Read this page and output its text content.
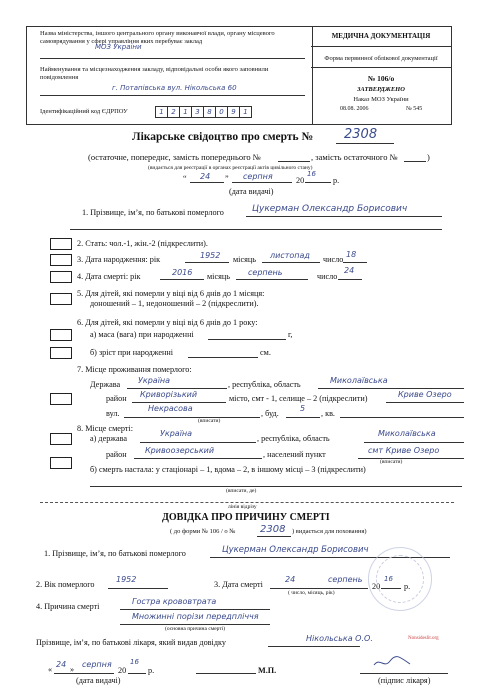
Назва міністерства, іншого центрального органу виконавчої влади, органу місцевого самоврядування у сфері управління яких перебуває заклад
МОЗ України
Найменування та місцезнаходження закладу, відповідальні особи якого заповнили повідомлення
г. Потапівська вул. Нікольська 60
Ідентифікаційний код ЄДРПОУ	1 2 1 3 8 0 9 1
МЕДИЧНА ДОКУМЕНТАЦІЯ
Форма первинної облікової документації
№ 106/о
ЗАТВЕРДЖЕНО
Наказ МОЗ України
08.08. 2006	№ 545
Лікарське свідоцтво про смерть № 2308
(остаточне, попереднє, замість попереднього №	, замість остаточного №	)
(видається для реєстрації в органах реєстрації актів цивільного стану)
“ 24 ” серпня	20
16
р.
(дата видачі)
1. Прізвище, ім’я, по батькові померлого	Цукерман Олександр Борисович
2. Стать: чол.-1, жін.-2 (підкреслити).
3. Дата народження: рік	1952 місяць листопад число
18
4. Дата смерті: рік	2016 місяць серпень	число
24
5. Для дітей, які померли у віці від 6 днів до 1 місяця:
доношений – 1, недоношений – 2 (підкреслити).
6. Для дітей, які померли у віці від 6 днів до 1 року:
а) маса (вага) при народженні	г,
б) зріст при народженні	см.
7. Місце проживання померлого:
Держава Україна	, республіка, область	Миколаївська
район Криворізький	місто, смт - 1, селище – 2 (підкреслити)	Криве Озеро
вул.
Некрасова
, буд.
5
, кв.
(вписати)
8. Місце смерті:
а) держава
Україна
, республіка, область
Миколаївська
район Кривоозерський	, населений пункт	смт Криве Озеро
(вписати)
б) смерть настала: у стаціонарі – 1, вдома – 2, в іншому місці – 3 (підкреслити)
(вписати, де)
лінія відрізу
ДОВІДКА ПРО ПРИЧИНУ СМЕРТІ
( до форми № 106 / о № 2308 ) видається для поховання)
1. Прізвище, ім’я, по батькові померлого	Цукерман Олександр Борисович
2. Вік померлого
1952
3. Дата смерті
24	серпень
20
16
р.
( число, місяць, рік)
4. Причина смерті
Гостра крововтрата
Множинні порізи передпліччя
(основна причина смерті)
Прізвище, ім’я, по батькові лікаря, який видав довідку	Нікольська О.О.
«
24
»
серпня
20
16
р.
(дата видачі)
М.П.
(підпис лікаря)
Nonsideslit.org
